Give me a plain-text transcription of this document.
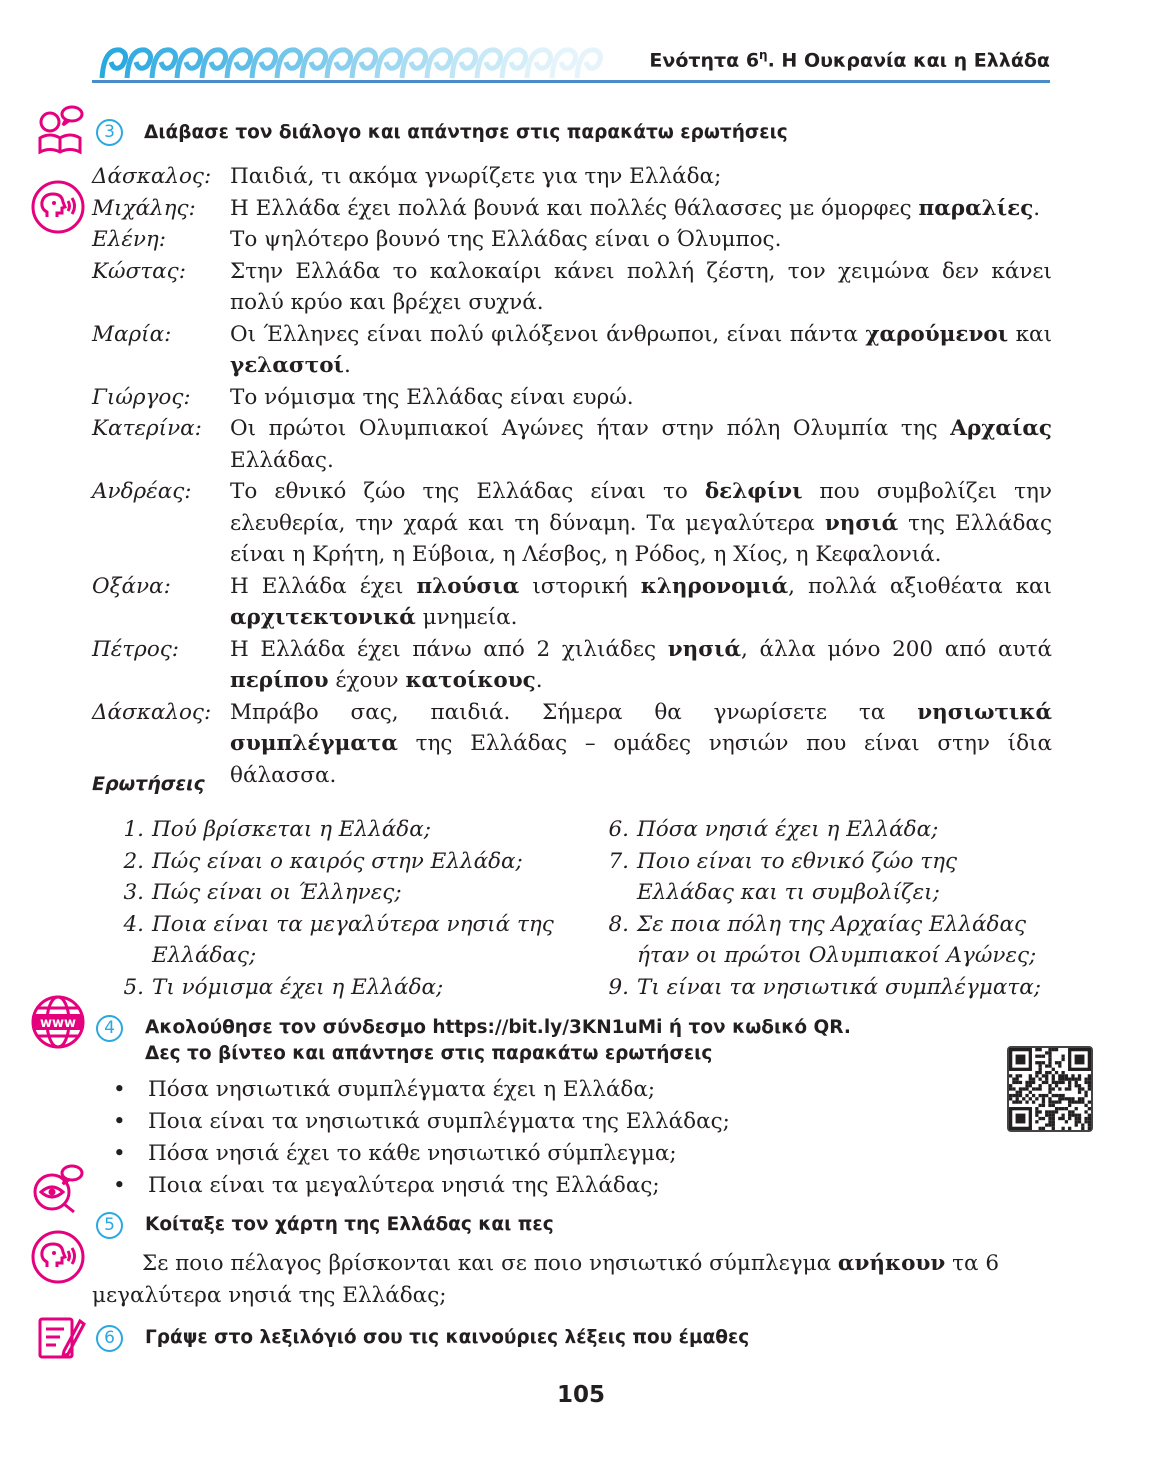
Ενότητα $6^\eta$. Η Ουκρανία και η Ελλάδα
3	Διάβασε τον διάλογο και απάντησε στις παρακάτω ερωτήσεις
Δάσκαλος: Παιδιά, τι ακόμα γνωρίζετε για την Ελλάδα;
Μιχάλης:	Η Ελλάδα έχει πολλά βουνά και πολλές θάλασσες με όμορφες παραλίες.
Ελένη:	Το ψηλότερο βουνό της Ελλάδας είναι ο Όλυμπος.
Κώστας:	Στην Ελλάδα το καλοκαίρι κάνει πολλή ζέστη, τον χειμώνα δεν κάνει πολύ κρύο και βρέχει συχνά.
Μαρία:	Οι Έλληνες είναι πολύ φιλόξενοι άνθρωποι, είναι πάντα χαρούμενοι και γελαστοί.
Γιώργος:	Το νόμισμα της Ελλάδας είναι ευρώ.
Κατερίνα:	Οι πρώτοι Ολυμπιακοί Αγώνες ήταν στην πόλη Ολυμπία της Αρχαίας Ελλάδας.
Ανδρέας:	Το εθνικό ζώο της Ελλάδας είναι το δελφίνι που συμβολίζει την ελευθερία, την χαρά και τη δύναμη. Τα μεγαλύτερα νησιά της Ελλάδας είναι η Κρήτη, η Εύβοια, η Λέσβος, η Ρόδος, η Χίος, η Κεφαλονιά.
Οξάνα:	Η Ελλάδα έχει πλούσια ιστορική κληρονομιά, πολλά αξιοθέατα και αρχιτεκτονικά μνημεία.
Πέτρος:	Η Ελλάδα έχει πάνω από 2 χιλιάδες νησιά, άλλα μόνο 200 από αυτά περίπου έχουν κατοίκους.
Δάσκαλος: Μπράβο σας, παιδιά. Σήμερα θα γνωρίσετε τα νησιωτικά συμπλέγματα της Ελλάδας – ομάδες νησιών που είναι στην ίδια θάλασσα.
Ερωτήσεις
1. Πού βρίσκεται η Ελλάδα;
2. Πώς είναι ο καιρός στην Ελλάδα;
3. Πώς είναι οι Έλληνες;
4. Ποια είναι τα μεγαλύτερα νησιά της Ελλάδας;
5. Τι νόμισμα έχει η Ελλάδα;
6. Πόσα νησιά έχει η Ελλάδα;
7. Ποιο είναι το εθνικό ζώο της Ελλάδας και τι συμβολίζει;
8. Σε ποια πόλη της Αρχαίας Ελλάδας ήταν οι πρώτοι Ολυμπιακοί Αγώνες;
9. Τι είναι τα νησιωτικά συμπλέγματα;
www	4	Ακολούθησε τον σύνδεσμο https://bit.ly/3KN1uMi ή τον κωδικό QR.
Δες το βίντεο και απάντησε στις παρακάτω ερωτήσεις
•	Πόσα νησιωτικά συμπλέγματα έχει η Ελλάδα;
•	Ποια είναι τα νησιωτικά συμπλέγματα της Ελλάδας;
•	Πόσα νησιά έχει το κάθε νησιωτικό σύμπλεγμα;
•	Ποια είναι τα μεγαλύτερα νησιά της Ελλάδας;
5	Κοίταξε τον χάρτη της Ελλάδας και πες
Σε ποιο πέλαγος βρίσκονται και σε ποιο νησιωτικό σύμπλεγμα ανήκουν τα 6 μεγαλύτερα νησιά της Ελλάδας;
6	Γράψε στο λεξιλόγιό σου τις καινούριες λέξεις που έμαθες
105
